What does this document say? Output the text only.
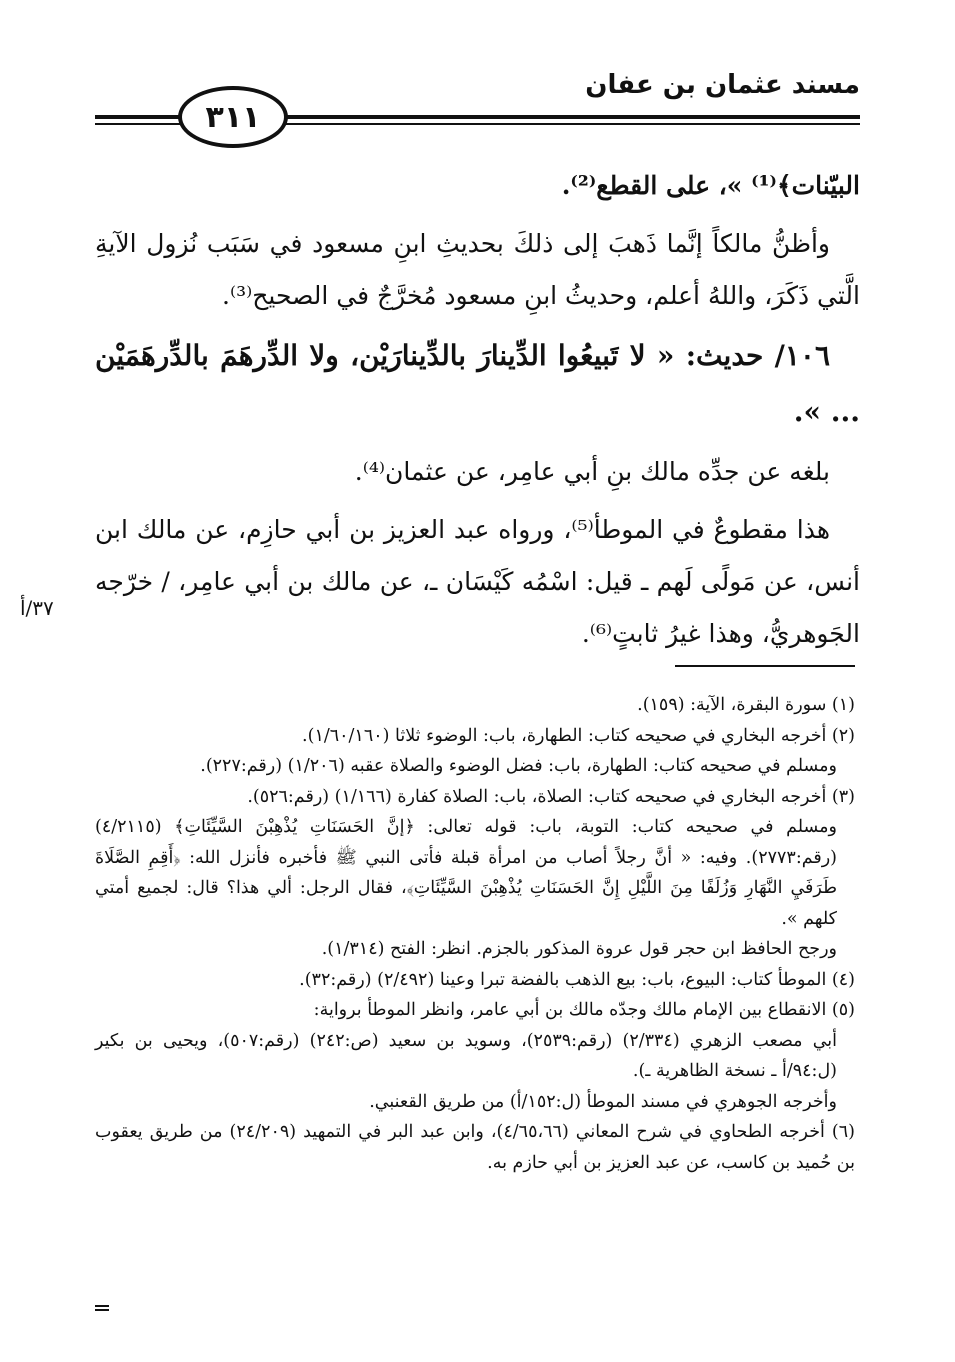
مسند عثمان بن عفان
٣١١

البيّنات﴾⁽¹⁾ »، على القطع⁽²⁾.

وأظنُّ مالكاً إنَّما ذَهبَ إلى ذلكَ بحديثِ ابنِ مسعود في سَبَب نُزول الآيةِ الَّتي ذَكَرَ، واللهُ أعلم، وحديثُ ابنِ مسعود مُخرَّجٌ في الصحيح⁽³⁾.

١٠٦/ حديث: « لا تَبيعُوا الدِّينارَ بالدِّينارَيْن، ولا الدِّرهَمَ بالدِّرهَمَيْن ... ».

بلغه عن جدِّه مالك بنِ أبي عامِر، عن عثمان⁽⁴⁾.

هذا مقطوعٌ في الموطأ⁽⁵⁾، ورواه عبد العزيز بن أبي حازِم، عن مالك ابن أنس، عن مَولًى لَهم ـ قيل: اسْمُه كَيْسَان ـ، عن مالك بن أبي عامِر، / خرّجه الجَوهريُّ، وهذا غيرُ ثابتٍ⁽⁶⁾.

٣٧/أ

(١) سورة البقرة، الآية: (١٥٩).

(٢) أخرجه البخاري في صحيحه كتاب: الطهارة، باب: الوضوء ثلاثا (١/٦٠/١٦٠).

ومسلم في صحيحه كتاب: الطهارة، باب: فضل الوضوء والصلاة عقبه (١/٢٠٦) (رقم:٢٢٧).

(٣) أخرجه البخاري في صحيحه كتاب: الصلاة، باب: الصلاة كفارة (١/١٦٦) (رقم:٥٢٦).

ومسلم في صحيحه كتاب: التوبة، باب: قوله تعالى: ﴿إنَّ الحَسَنَاتِ يُذْهِبْنَ السَّيِّئَاتِ﴾ (٤/٢١١٥) (رقم:٢٧٧٣). وفيه: « أنَّ رجلاً أصاب من امرأة قبلة فأتى النبي ﷺ فأخبره فأنزل الله: ﴿أَقِمِ الصَّلَاةَ طَرَفَيِ النَّهَارِ وَزُلَفًا مِنَ اللَّيْلِ إِنَّ الحَسَنَاتِ يُذْهِبْنَ السَّيِّئَاتِ﴾، فقال الرجل: ألي هذا؟ قال: لجميع أمتي كلهم ».

ورجح الحافظ ابن حجر قول عروة المذكور بالجزم. انظر: الفتح (١/٣١٤).

(٤) الموطأ كتاب: البيوع، باب: بيع الذهب بالفضة تبرا وعينا (٢/٤٩٢) (رقم:٣٢).

(٥) الانقطاع بين الإمام مالك وجدّه مالك بن أبي عامر، وانظر الموطأ برواية:

أبي مصعب الزهري (٢/٣٣٤) (رقم:٢٥٣٩)، وسويد بن سعيد (ص:٢٤٢) (رقم:٥٠٧)، ويحيى بن بكير (ل:٩٤/أ ـ نسخة الظاهرية ـ).

وأخرجه الجوهري في مسند الموطأ (ل:١٥٢/أ) من طريق القعنبي.

(٦) أخرجه الطحاوي في شرح المعاني (٤/٦٥،٦٦)، وابن عبد البر في التمهيد (٢٤/٢٠٩) من طريق يعقوب بن حُميد بن كاسب، عن عبد العزيز بن أبي حازم به.
